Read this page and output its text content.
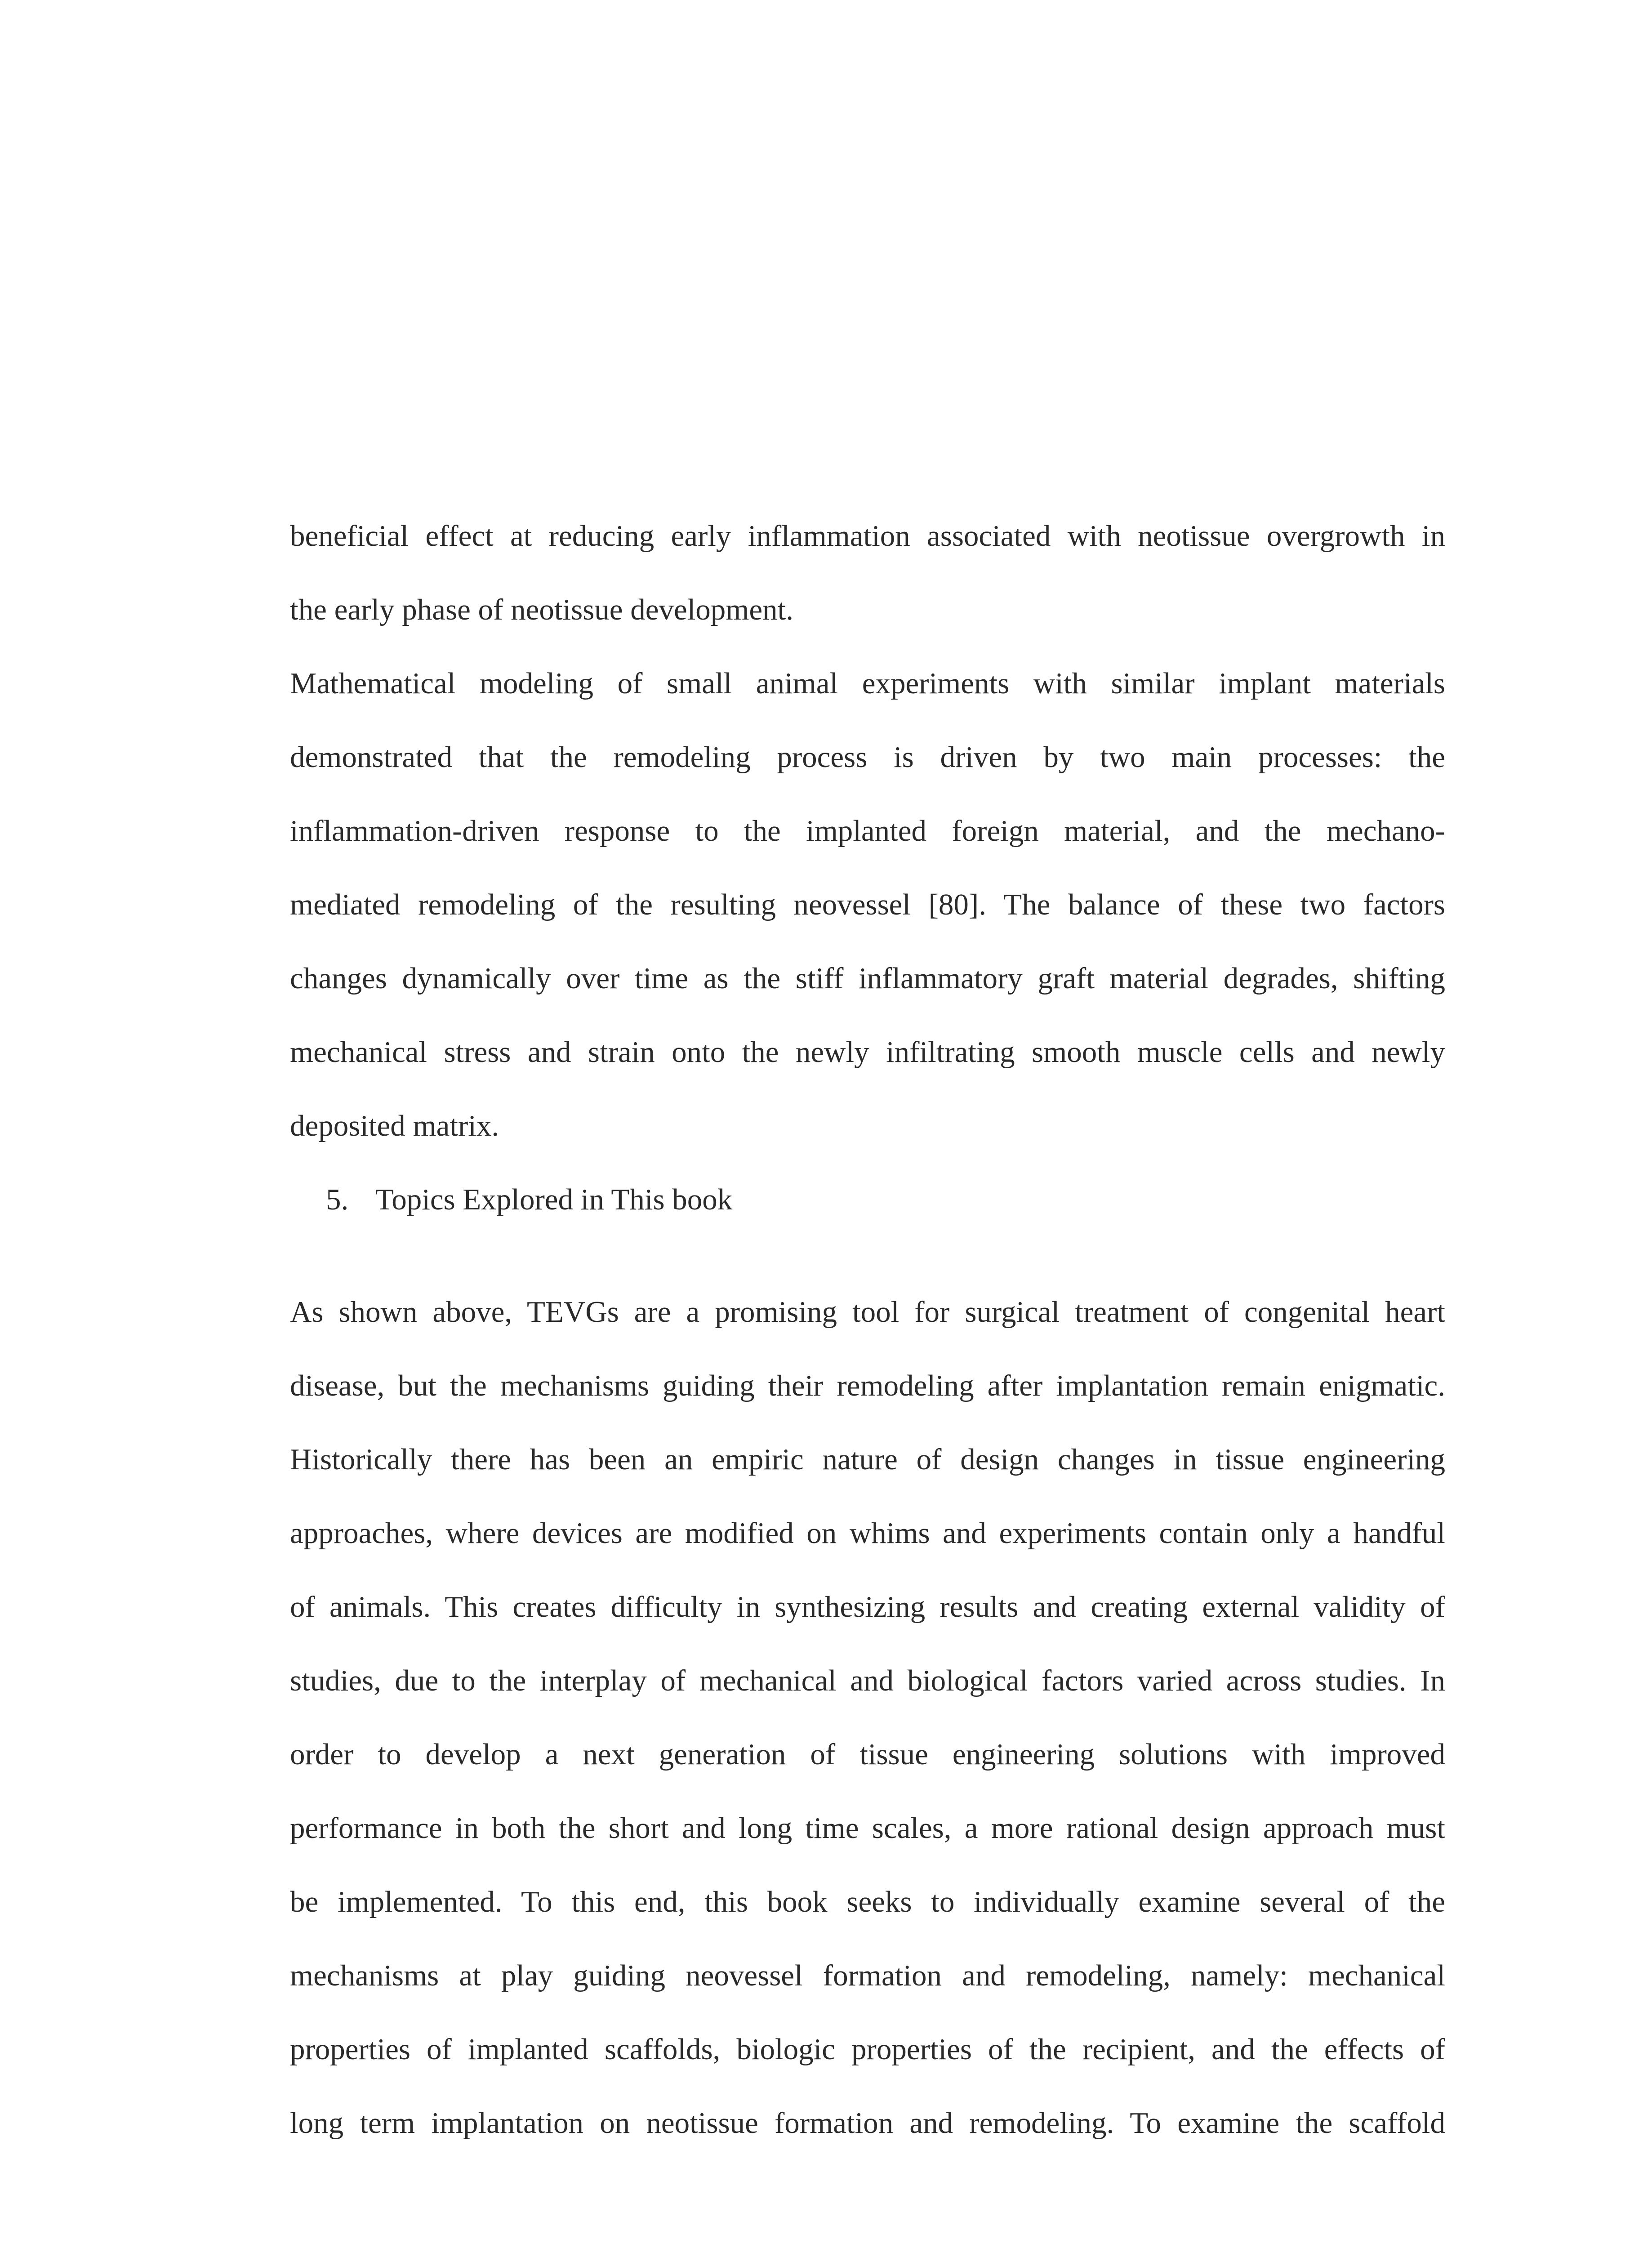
beneficial effect at reducing early inflammation associated with neotissue overgrowth in
the early phase of neotissue development.
Mathematical modeling of small animal experiments with similar implant materials
demonstrated that the remodeling process is driven by two main processes: the
inflammation-driven response to the implanted foreign material, and the mechano-
mediated remodeling of the resulting neovessel [80]. The balance of these two factors
changes dynamically over time as the stiff inflammatory graft material degrades, shifting
mechanical stress and strain onto the newly infiltrating smooth muscle cells and newly
deposited matrix.
5. Topics Explored in This book
As shown above, TEVGs are a promising tool for surgical treatment of congenital heart
disease, but the mechanisms guiding their remodeling after implantation remain enigmatic.
Historically there has been an empiric nature of design changes in tissue engineering
approaches, where devices are modified on whims and experiments contain only a handful
of animals. This creates difficulty in synthesizing results and creating external validity of
studies, due to the interplay of mechanical and biological factors varied across studies. In
order to develop a next generation of tissue engineering solutions with improved
performance in both the short and long time scales, a more rational design approach must
be implemented. To this end, this book seeks to individually examine several of the
mechanisms at play guiding neovessel formation and remodeling, namely: mechanical
properties of implanted scaffolds, biologic properties of the recipient, and the effects of
long term implantation on neotissue formation and remodeling. To examine the scaffold
